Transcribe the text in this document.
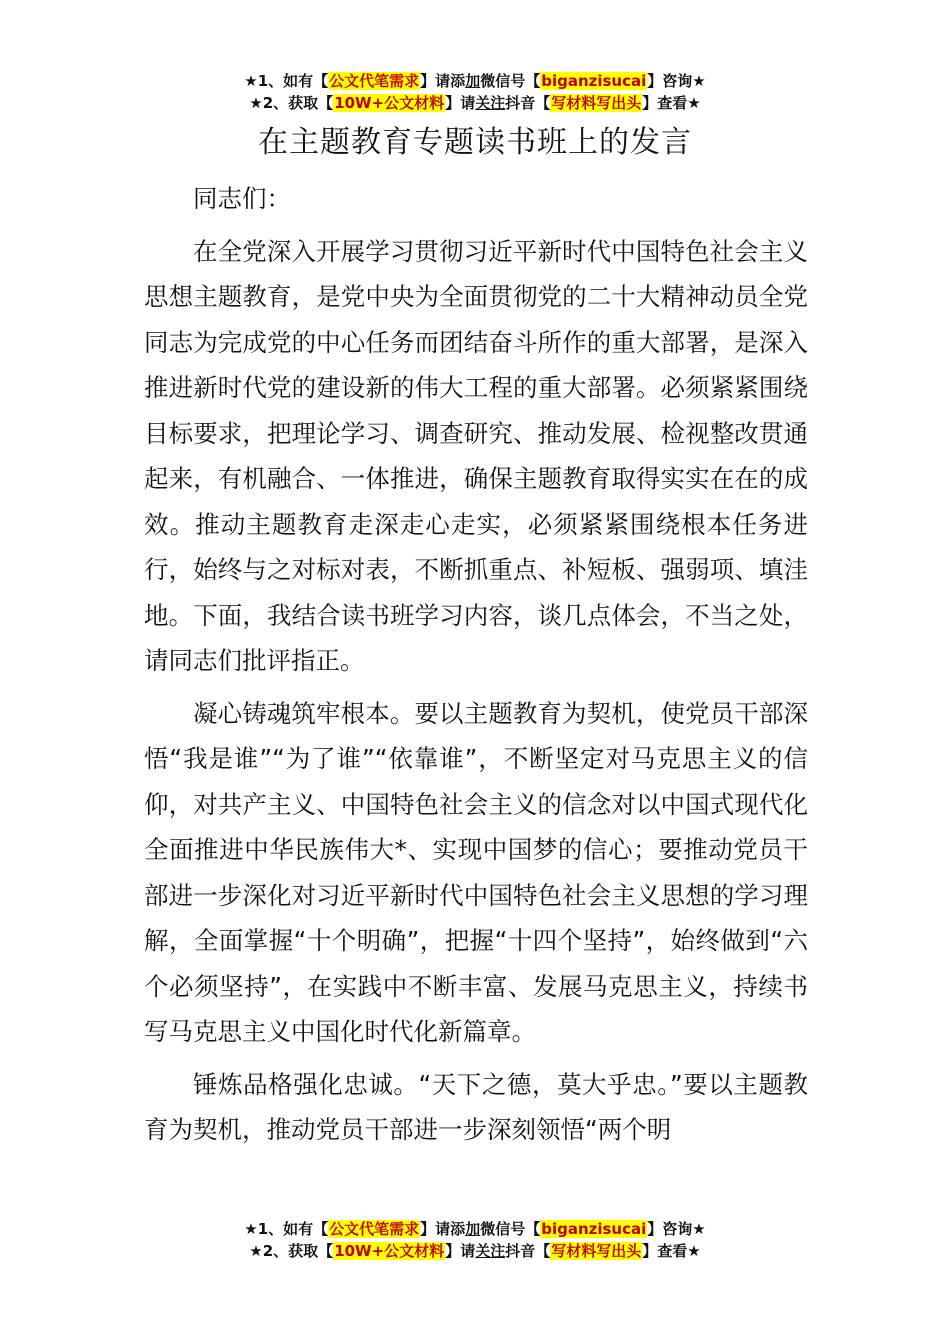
★1、如有【公文代笔需求】请添加微信号【biganzisucai】咨询★
★2、获取【10W+公文材料】请关注抖音【写材料写出头】查看★
在主题教育专题读书班上的发言

同志们：

在全党深入开展学习贯彻习近平新时代中国特色社会主义思想主题教育，是党中央为全面贯彻党的二十大精神动员全党同志为完成党的中心任务而团结奋斗所作的重大部署，是深入推进新时代党的建设新的伟大工程的重大部署。必须紧紧围绕目标要求，把理论学习、调查研究、推动发展、检视整改贯通起来，有机融合、一体推进，确保主题教育取得实实在在的成效。推动主题教育走深走心走实，必须紧紧围绕根本任务进行，始终与之对标对表，不断抓重点、补短板、强弱项、填洼地。下面，我结合读书班学习内容，谈几点体会，不当之处，请同志们批评指正。

凝心铸魂筑牢根本。要以主题教育为契机，使党员干部深悟“我是谁”“为了谁”“依靠谁”，不断坚定对马克思主义的信仰，对共产主义、中国特色社会主义的信念对以中国式现代化全面推进中华民族伟大*、实现中国梦的信心；要推动党员干部进一步深化对习近平新时代中国特色社会主义思想的学习理解，全面掌握“十个明确”，把握“十四个坚持”，始终做到“六个必须坚持”，在实践中不断丰富、发展马克思主义，持续书写马克思主义中国化时代化新篇章。

锤炼品格强化忠诚。“天下之德，莫大乎忠。”要以主题教育为契机，推动党员干部进一步深刻领悟“两个明

★1、如有【公文代笔需求】请添加微信号【biganzisucai】咨询★
★2、获取【10W+公文材料】请关注抖音【写材料写出头】查看★
